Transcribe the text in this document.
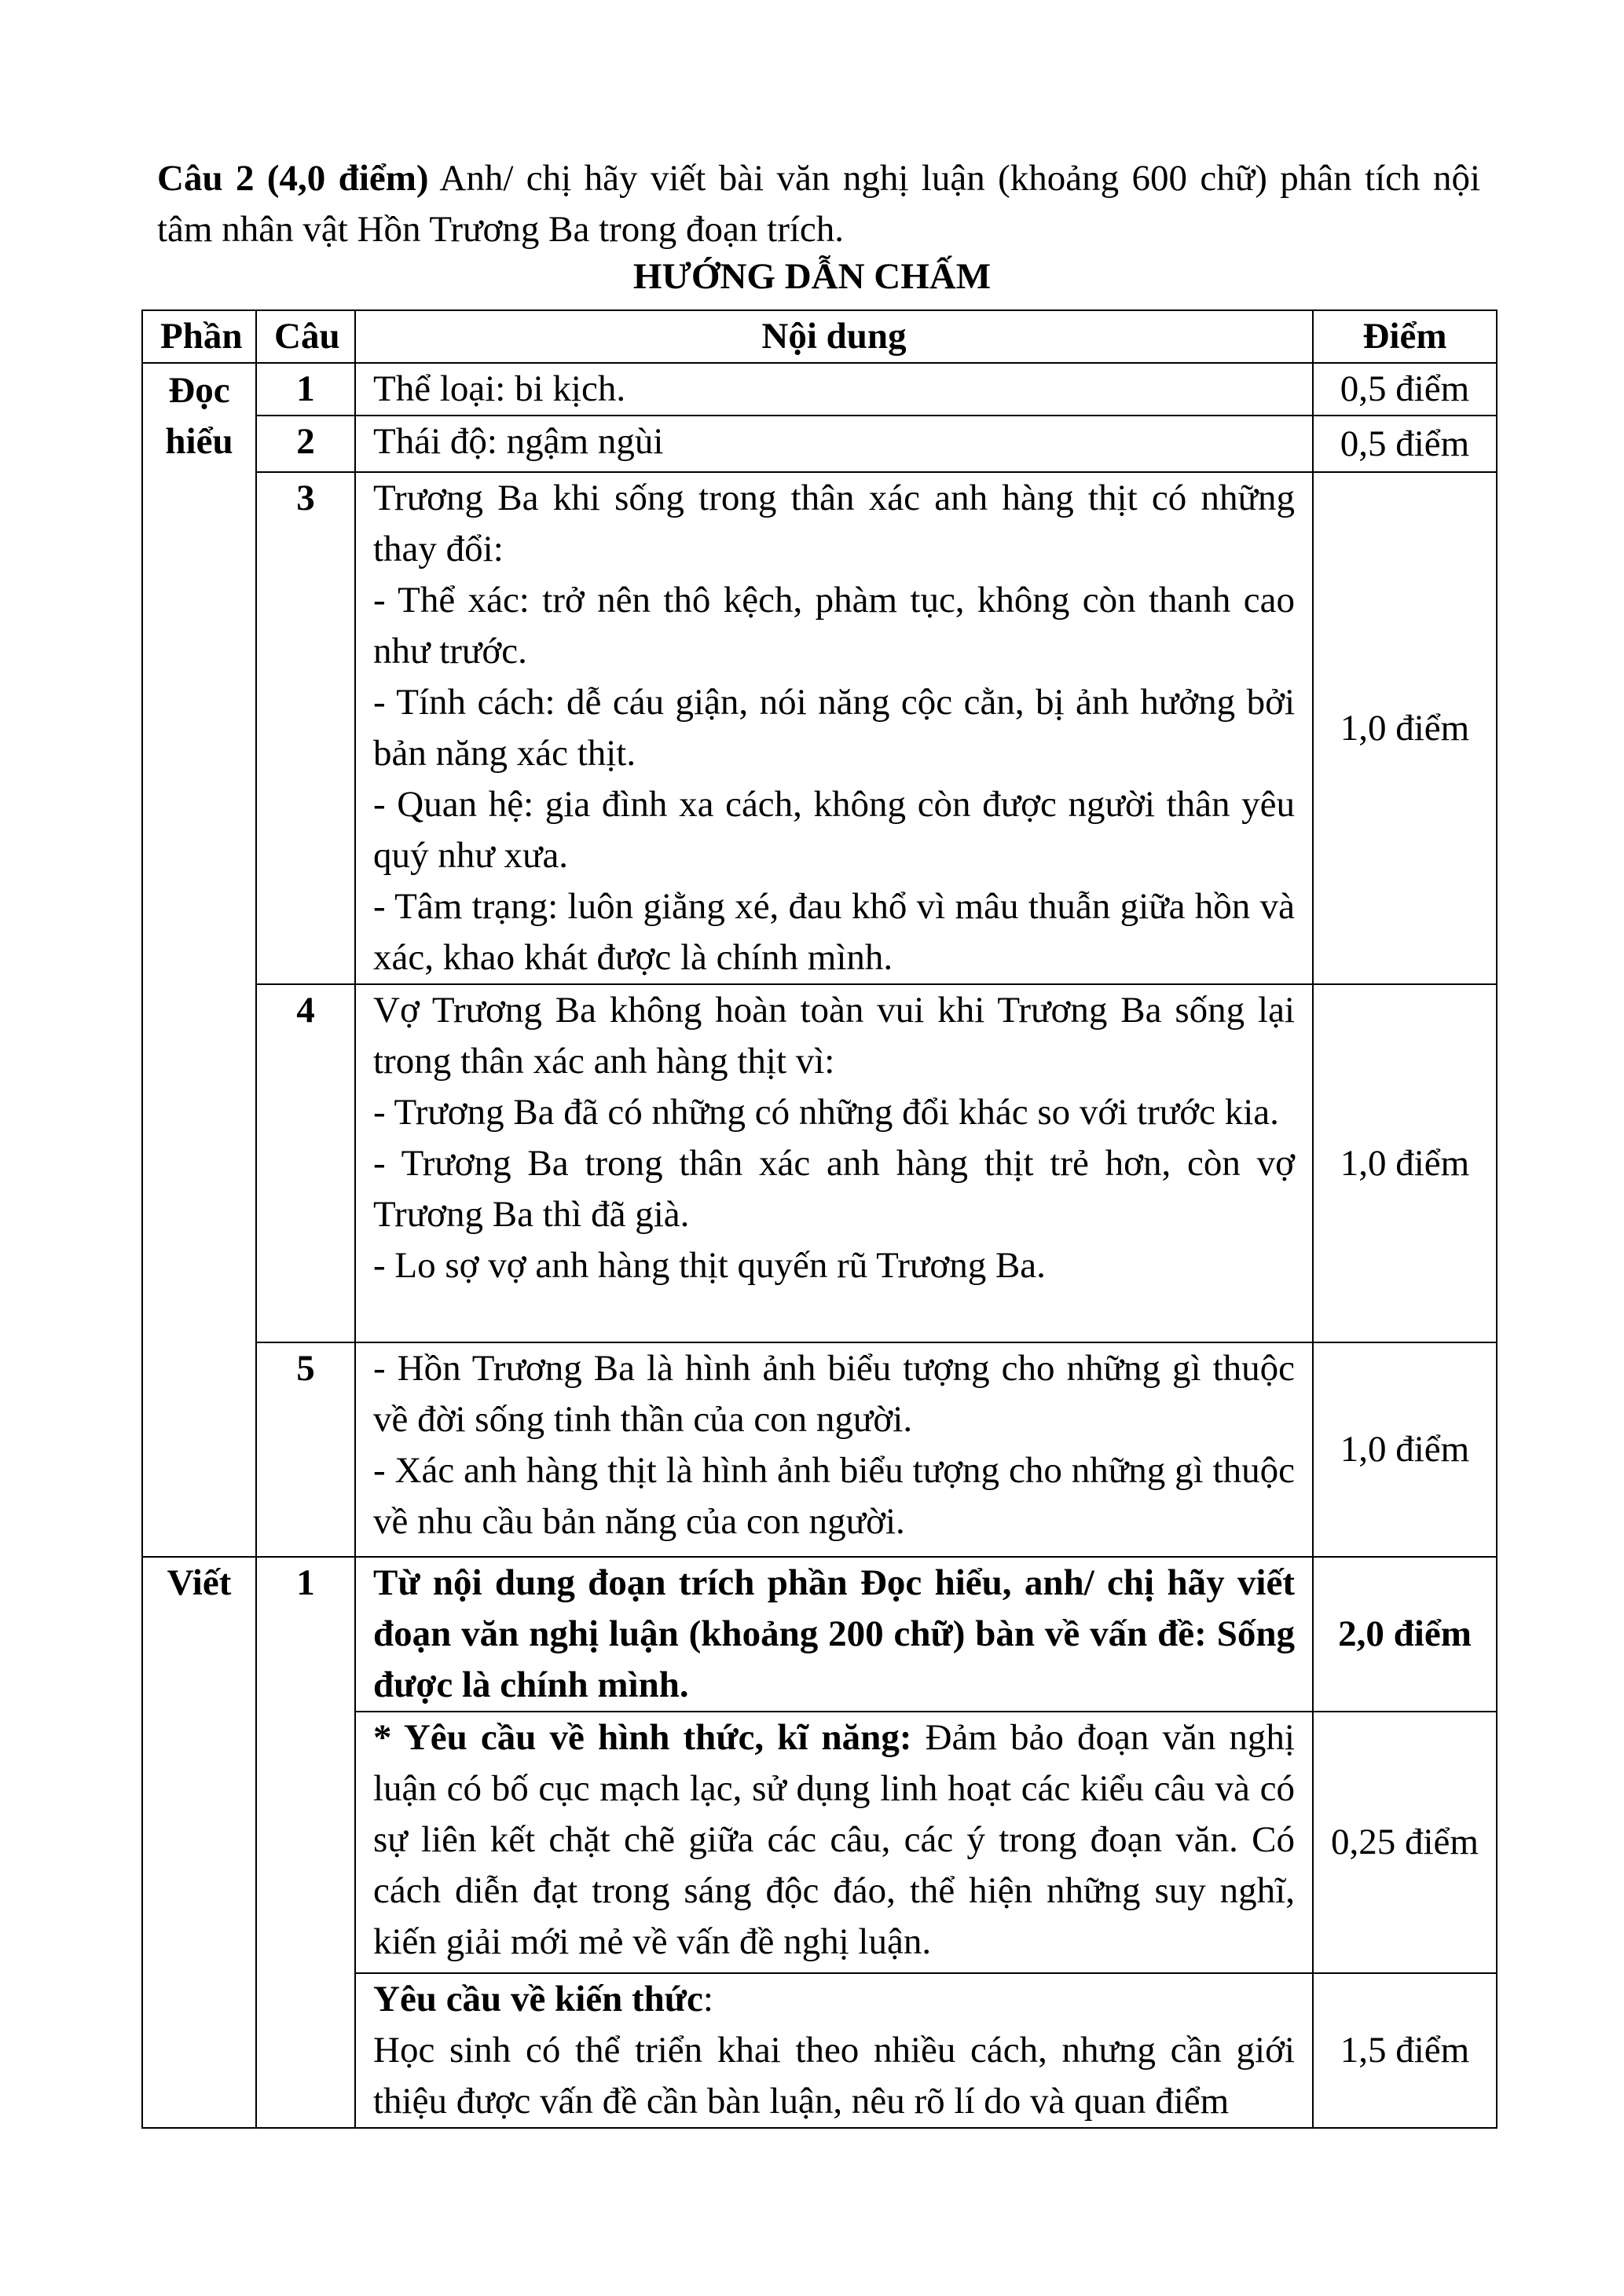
Câu 2 (4,0 điểm) Anh/ chị hãy viết bài văn nghị luận (khoảng 600 chữ) phân tích nội tâm nhân vật Hồn Trương Ba trong đoạn trích.

HƯỚNG DẪN CHẤM
Phần	Câu	Nội dung	Điểm
Đọc hiểu	1	Thể loại: bi kịch.	0,5 điểm
	2	Thái độ: ngậm ngùi	0,5 điểm
	3	Trương Ba khi sống trong thân xác anh hàng thịt có những thay đổi:
- Thể xác: trở nên thô kệch, phàm tục, không còn thanh cao như trước.
- Tính cách: dễ cáu giận, nói năng cộc cằn, bị ảnh hưởng bởi bản năng xác thịt.
- Quan hệ: gia đình xa cách, không còn được người thân yêu quý như xưa.
- Tâm trạng: luôn giằng xé, đau khổ vì mâu thuẫn giữa hồn và xác, khao khát được là chính mình.	1,0 điểm
	4	Vợ Trương Ba không hoàn toàn vui khi Trương Ba sống lại trong thân xác anh hàng thịt vì:
- Trương Ba đã có những có những đổi khác so với trước kia.
- Trương Ba trong thân xác anh hàng thịt trẻ hơn, còn vợ Trương Ba thì đã già.
- Lo sợ vợ anh hàng thịt quyến rũ Trương Ba.	1,0 điểm
	5	- Hồn Trương Ba là hình ảnh biểu tượng cho những gì thuộc về đời sống tinh thần của con người.
- Xác anh hàng thịt là hình ảnh biểu tượng cho những gì thuộc về nhu cầu bản năng của con người.	1,0 điểm
Viết	1	Từ nội dung đoạn trích phần Đọc hiểu, anh/ chị hãy viết đoạn văn nghị luận (khoảng 200 chữ) bàn về vấn đề: Sống được là chính mình.	2,0 điểm
		* Yêu cầu về hình thức, kĩ năng: Đảm bảo đoạn văn nghị luận có bố cục mạch lạc, sử dụng linh hoạt các kiểu câu và có sự liên kết chặt chẽ giữa các câu, các ý trong đoạn văn. Có cách diễn đạt trong sáng độc đáo, thể hiện những suy nghĩ, kiến giải mới mẻ về vấn đề nghị luận.	0,25 điểm

		Yêu cầu về kiến thức:
Học sinh có thể triển khai theo nhiều cách, nhưng cần giới thiệu được vấn đề cần bàn luận, nêu rõ lí do và quan điểm	1,5 điểm
